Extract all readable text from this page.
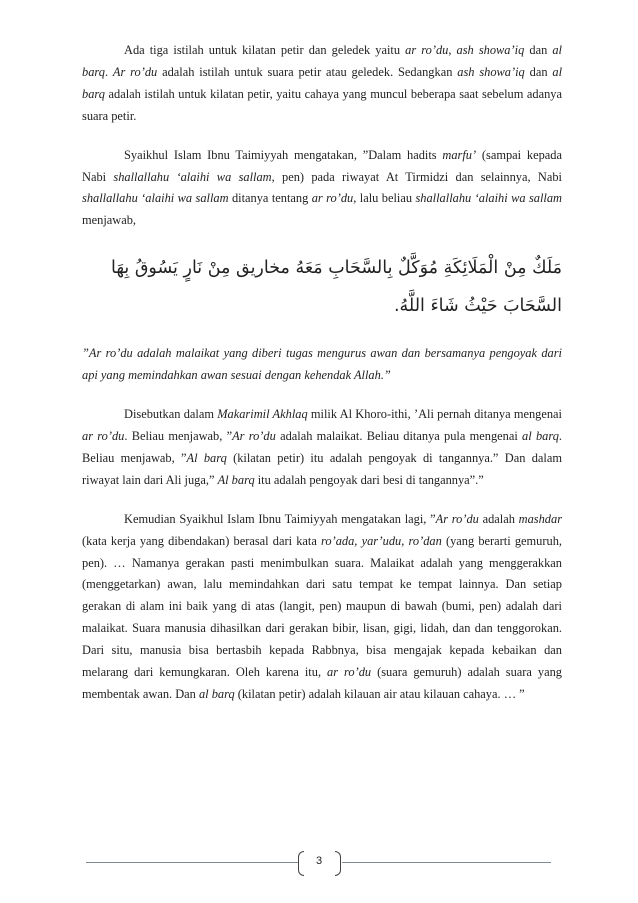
Ada tiga istilah untuk kilatan petir dan geledek yaitu ar ro’du, ash showa’iq dan al barq. Ar ro’du adalah istilah untuk suara petir atau geledek. Sedangkan ash showa’iq dan al barq adalah istilah untuk kilatan petir, yaitu cahaya yang muncul beberapa saat sebelum adanya suara petir.

Syaikhul Islam Ibnu Taimiyyah mengatakan, ”Dalam hadits marfu’ (sampai kepada Nabi shallallahu ‘alaihi wa sallam, pen) pada riwayat At Tirmidzi dan selainnya, Nabi shallallahu ‘alaihi wa sallam ditanya tentang ar ro’du, lalu beliau shallallahu ‘alaihi wa sallam menjawab,

مَلَكٌ مِنْ الْمَلَائِكَةِ مُوَكَّلٌ بِالسَّحَابِ مَعَهُ مخاريق مِنْ نَارٍ يَسُوقُ بِهَا
السَّحَابَ حَيْثُ شَاءَ اللَّهُ.

”Ar ro’du adalah malaikat yang diberi tugas mengurus awan dan bersamanya pengoyak dari api yang memindahkan awan sesuai dengan kehendak Allah.”

Disebutkan dalam Makarimil Akhlaq milik Al Khoro-ithi, ’Ali pernah ditanya mengenai ar ro’du. Beliau menjawab, ”Ar ro’du adalah malaikat. Beliau ditanya pula mengenai al barq. Beliau menjawab, ”Al barq (kilatan petir) itu adalah pengoyak di tangannya.” Dan dalam riwayat lain dari Ali juga,” Al barq itu adalah pengoyak dari besi di tangannya”.”

Kemudian Syaikhul Islam Ibnu Taimiyyah mengatakan lagi, ”Ar ro’du adalah mashdar (kata kerja yang dibendakan) berasal dari kata ro’ada, yar’udu, ro’dan (yang berarti gemuruh, pen). … Namanya gerakan pasti menimbulkan suara. Malaikat adalah yang menggerakkan (menggetarkan) awan, lalu memindahkan dari satu tempat ke tempat lainnya. Dan setiap gerakan di alam ini baik yang di atas (langit, pen) maupun di bawah (bumi, pen) adalah dari malaikat. Suara manusia dihasilkan dari gerakan bibir, lisan, gigi, lidah, dan dan tenggorokan. Dari situ, manusia bisa bertasbih kepada Rabbnya, bisa mengajak kepada kebaikan dan melarang dari kemungkaran. Oleh karena itu, ar ro’du (suara gemuruh) adalah suara yang membentak awan. Dan al barq (kilatan petir) adalah kilauan air atau kilauan cahaya. … ”

3
